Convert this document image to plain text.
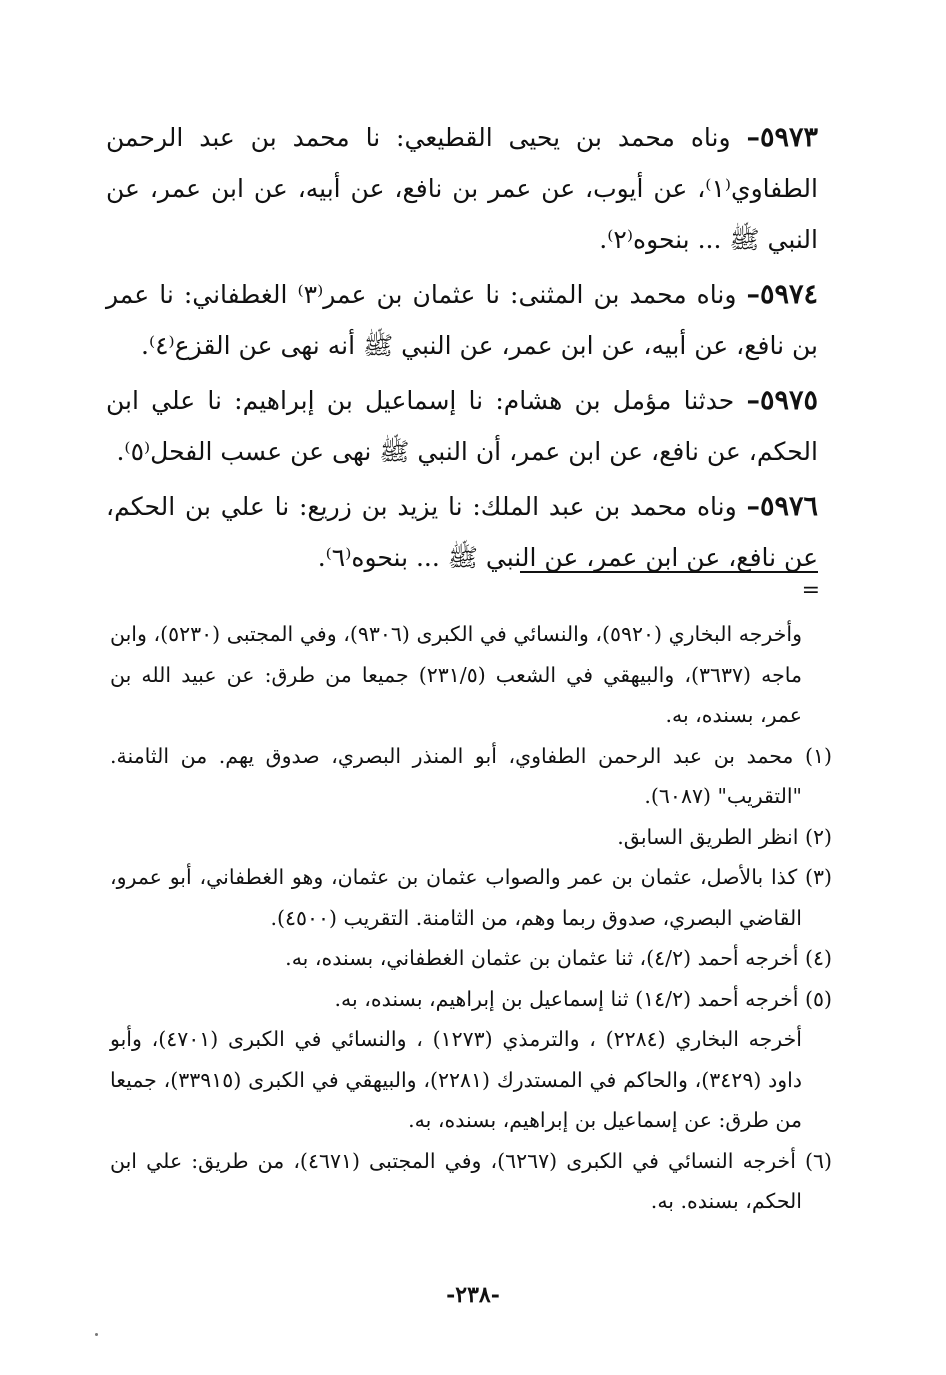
٥٩٧٣– وناه محمد بن يحيى القطيعي: نا محمد بن عبد الرحمن الطفاوي⁽١⁾، عن أيوب، عن عمر بن نافع، عن أبيه، عن ابن عمر، عن النبي ﷺ ... بنحوه⁽٢⁾.

٥٩٧٤– وناه محمد بن المثنى: نا عثمان بن عمر⁽٣⁾ الغطفاني: نا عمر بن نافع، عن أبيه، عن ابن عمر، عن النبي ﷺ أنه نهى عن القزع⁽٤⁾.

٥٩٧٥– حدثنا مؤمل بن هشام: نا إسماعيل بن إبراهيم: نا علي ابن الحكم، عن نافع، عن ابن عمر، أن النبي ﷺ نهى عن عسب الفحل⁽٥⁾.

٥٩٧٦– وناه محمد بن عبد الملك: نا يزيد بن زريع: نا علي بن الحكم، عن نافع، عن ابن عمر، عن النبي ﷺ ... بنحوه⁽٦⁾.

=
وأخرجه البخاري (٥٩٢٠)، والنسائي في الكبرى (٩٣٠٦)، وفي المجتبى (٥٢٣٠)، وابن ماجه (٣٦٣٧)، والبيهقي في الشعب (٢٣١/٥) جميعا من طرق: عن عبيد الله بن عمر، بسنده، به.
(١) محمد بن عبد الرحمن الطفاوي، أبو المنذر البصري، صدوق يهم. من الثامنة. "التقريب" (٦٠٨٧).
(٢) انظر الطريق السابق.
(٣) كذا بالأصل، عثمان بن عمر والصواب عثمان بن عثمان، وهو الغطفاني، أبو عمرو، القاضي البصري، صدوق ربما وهم، من الثامنة. التقريب (٤٥٠٠).
(٤) أخرجه أحمد (٤/٢)، ثنا عثمان بن عثمان الغطفاني، بسنده، به.
(٥) أخرجه أحمد (١٤/٢) ثنا إسماعيل بن إبراهيم، بسنده، به.
أخرجه البخاري (٢٢٨٤) ، والترمذي (١٢٧٣) ، والنسائي في الكبرى (٤٧٠١)، وأبو داود (٣٤٢٩)، والحاكم في المستدرك (٢٢٨١)، والبيهقي في الكبرى (٣٣٩١٥)، جميعا من طرق: عن إسماعيل بن إبراهيم، بسنده، به.
(٦) أخرجه النسائي في الكبرى (٦٢٦٧)، وفي المجتبى (٤٦٧١)، من طريق: علي ابن الحكم، بسنده. به.
-٢٣٨-
